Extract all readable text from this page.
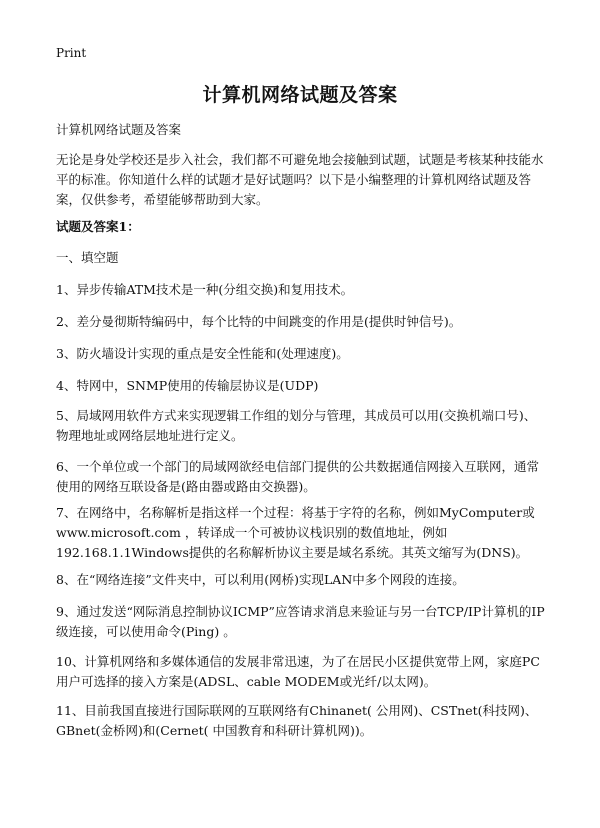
Print
计算机网络试题及答案

计算机网络试题及答案

无论是身处学校还是步入社会，我们都不可避免地会接触到试题，试题是考核某种技能水平的标准。你知道什么样的试题才是好试题吗？以下是小编整理的计算机网络试题及答案，仅供参考，希望能够帮助到大家。

试题及答案1：

一、填空题

1、异步传输ATM技术是一种(分组交换)和复用技术。

2、差分曼彻斯特编码中，每个比特的中间跳变的作用是(提供时钟信号)。

3、防火墙设计实现的重点是安全性能和(处理速度)。

4、特网中，SNMP使用的传输层协议是(UDP)

5、局域网用软件方式来实现逻辑工作组的划分与管理，其成员可以用(交换机端口号)、物理地址或网络层地址进行定义。

6、一个单位或一个部门的局域网欲经电信部门提供的公共数据通信网接入互联网，通常使用的网络互联设备是(路由器或路由交换器)。

7、在网络中，名称解析是指这样一个过程：将基于字符的名称，例如MyComputer或www.microsoft.com ，转译成一个可被协议栈识别的数值地址，例如192.168.1.1Windows提供的名称解析协议主要是域名系统。其英文缩写为(DNS)。

8、在“网络连接”文件夹中，可以利用(网桥)实现LAN中多个网段的连接。

9、通过发送“网际消息控制协议ICMP”应答请求消息来验证与另一台TCP/IP计算机的IP级连接，可以使用命令(Ping) 。

10、计算机网络和多媒体通信的发展非常迅速，为了在居民小区提供宽带上网，家庭PC用户可选择的接入方案是(ADSL、cable MODEM或光纤/以太网)。

11、目前我国直接进行国际联网的互联网络有Chinanet( 公用网)、CSTnet(科技网)、GBnet(金桥网)和(Cernet( 中国教育和科研计算机网))。
